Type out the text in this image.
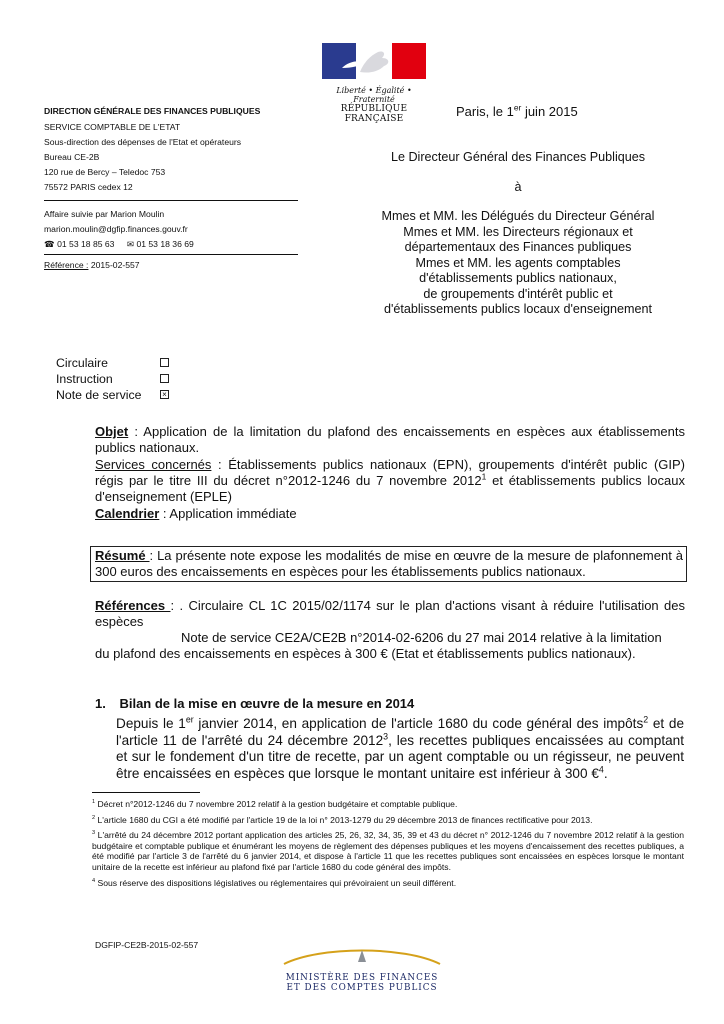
Liberté • Égalité • Fraternité
RÉPUBLIQUE FRANÇAISE
DIRECTION GÉNÉRALE DES FINANCES PUBLIQUES
SERVICE COMPTABLE DE L'ETAT
Sous-direction des dépenses de l'Etat et opérateurs
Bureau CE-2B
120 rue de Bercy – Teledoc 753
75572 PARIS cedex 12
Affaire suivie par Marion Moulin
marion.moulin@dgfip.finances.gouv.fr
☎ 01 53 18 85 63 ✉ 01 53 18 36 69
Référence : 2015-02-557
Paris, le 1er juin 2015
Le Directeur Général des Finances Publiques
à
Mmes et MM. les Délégués du Directeur Général
Mmes et MM. les Directeurs régionaux et
départementaux des Finances publiques
Mmes et MM. les agents comptables
d'établissements publics nationaux,
de groupements d'intérêt public et
d'établissements publics locaux d'enseignement
Circulaire
Instruction
Note de service	×
Objet : Application de la limitation du plafond des encaissements en espèces aux établissements publics nationaux.
Services concernés : Établissements publics nationaux (EPN), groupements d'intérêt public (GIP) régis par le titre III du décret n°2012-1246 du 7 novembre 2012$^1$ et établissements publics locaux d'enseignement (EPLE)
Calendrier : Application immédiate
Résumé : La présente note expose les modalités de mise en œuvre de la mesure de plafonnement à 300 euros des encaissements en espèces pour les établissements publics nationaux.
Références : . Circulaire CL 1C 2015/02/1174 sur le plan d'actions visant à réduire l'utilisation des espèces
Note de service CE2A/CE2B n°2014-02-6206 du 27 mai 2014 relative à la limitation
du plafond des encaissements en espèces à 300 € (Etat et établissements publics nationaux).
1. Bilan de la mise en œuvre de la mesure en 2014
Depuis le 1er janvier 2014, en application de l'article 1680 du code général des impôts$^2$ et de l'article 11 de l'arrêté du 24 décembre 2012$^3$, les recettes publiques encaissées au comptant et sur le fondement d'un titre de recette, par un agent comptable ou un régisseur, ne peuvent être encaissées en espèces que lorsque le montant unitaire est inférieur à 300 €$^4$.
$^1$ Décret n°2012-1246 du 7 novembre 2012 relatif à la gestion budgétaire et comptable publique.
$^2$ L'article 1680 du CGI a été modifié par l'article 19 de la loi n° 2013-1279 du 29 décembre 2013 de finances rectificative pour 2013.
$^3$ L'arrêté du 24 décembre 2012 portant application des articles 25, 26, 32, 34, 35, 39 et 43 du décret n° 2012-1246 du 7 novembre 2012 relatif à la gestion budgétaire et comptable publique et énumérant les moyens de règlement des dépenses publiques et les moyens d'encaissement des recettes publiques, a été modifié par l'article 3 de l'arrêté du 6 janvier 2014, et dispose à l'article 11 que les recettes publiques sont encaissées en espèces lorsque le montant unitaire de la recette est inférieur au plafond fixé par l'article 1680 du code général des impôts.
$^4$ Sous réserve des dispositions législatives ou réglementaires qui prévoiraient un seuil différent.
DGFIP-CE2B-2015-02-557
MINISTÈRE DES FINANCES
ET DES COMPTES PUBLICS
